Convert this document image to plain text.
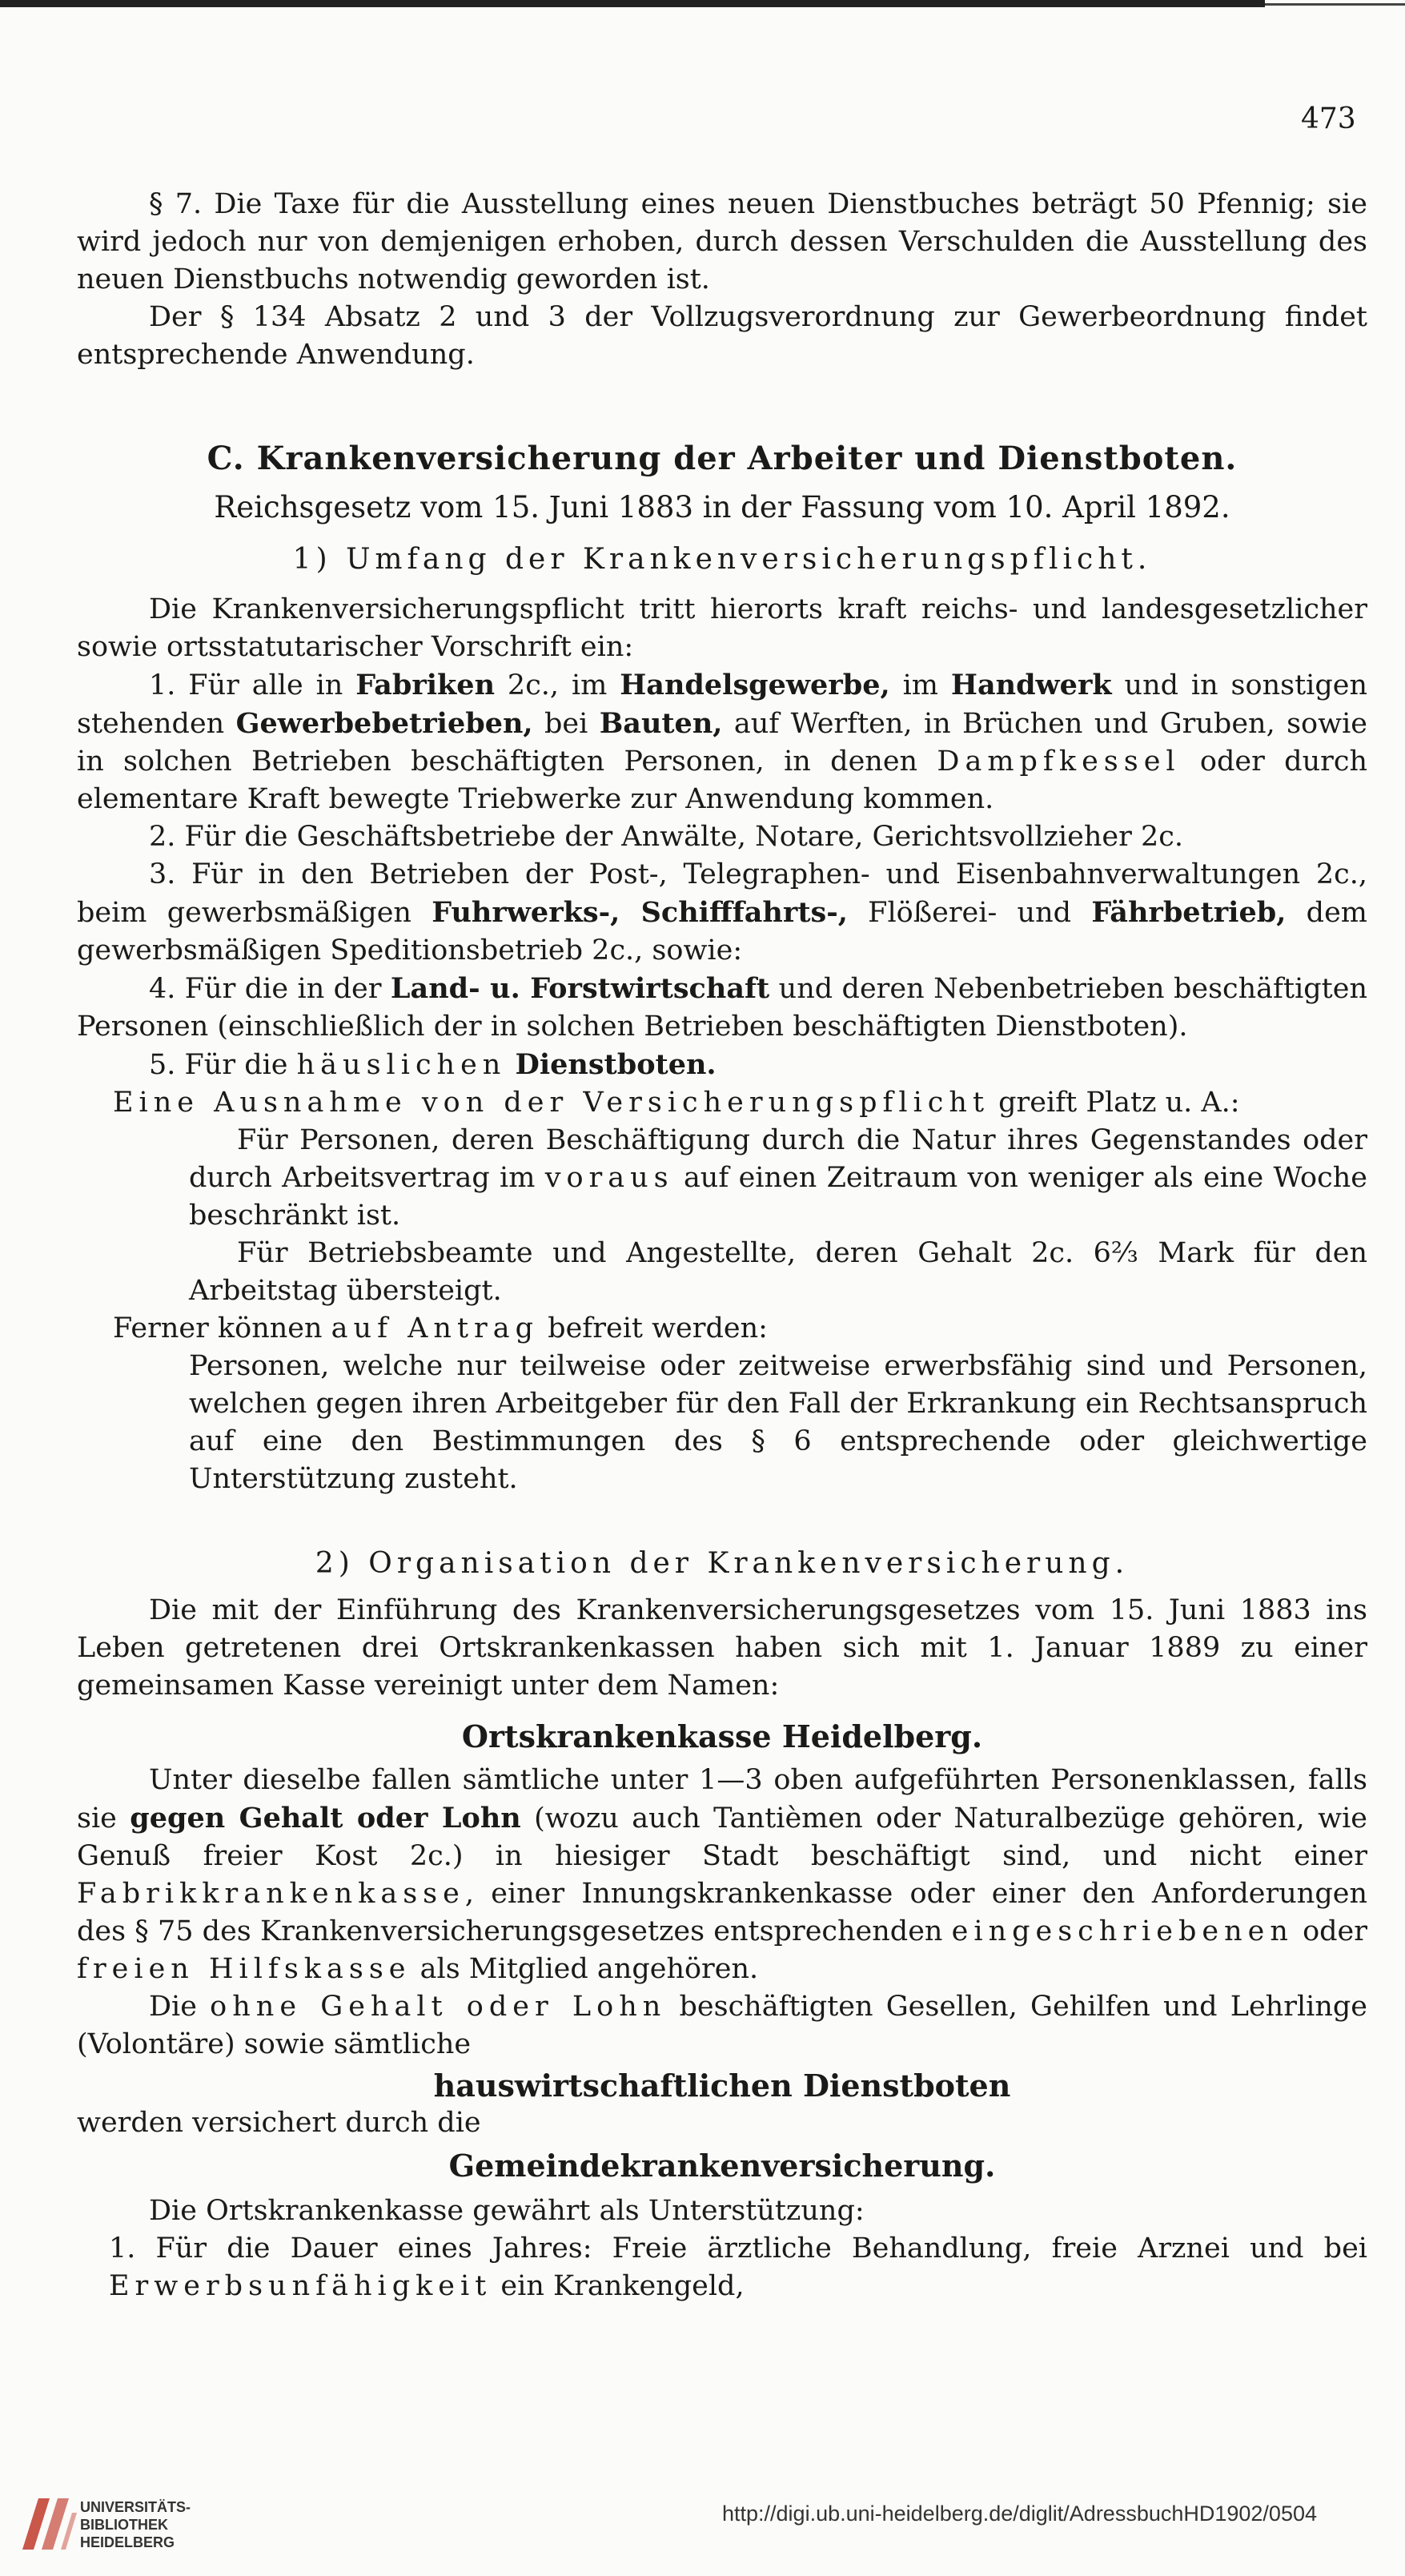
473

§ 7. Die Taxe für die Ausstellung eines neuen Dienstbuches beträgt 50 Pfennig; sie wird jedoch nur von demjenigen erhoben, durch dessen Verschulden die Ausstellung des neuen Dienstbuchs notwendig geworden ist.

Der § 134 Absatz 2 und 3 der Vollzugsverordnung zur Gewerbeordnung findet entsprechende Anwendung.

C. Krankenversicherung der Arbeiter und Dienstboten.
Reichsgesetz vom 15. Juni 1883 in der Fassung vom 10. April 1892.
1) Umfang der Krankenversicherungspflicht.

Die Krankenversicherungspflicht tritt hierorts kraft reichs- und landesgesetzlicher sowie ortsstatutarischer Vorschrift ein:

1. Für alle in Fabriken 2c., im Handelsgewerbe, im Handwerk und in sonstigen stehenden Gewerbebetrieben, bei Bauten, auf Werften, in Brüchen und Gruben, sowie in solchen Betrieben beschäftigten Personen, in denen Dampfkessel oder durch elementare Kraft bewegte Triebwerke zur Anwendung kommen.

2. Für die Geschäftsbetriebe der Anwälte, Notare, Gerichtsvollzieher 2c.

3. Für in den Betrieben der Post-, Telegraphen- und Eisenbahnverwaltungen 2c., beim gewerbsmäßigen Fuhrwerks-, Schifffahrts-, Flößerei- und Fährbetrieb, dem gewerbsmäßigen Speditionsbetrieb 2c., sowie:

4. Für die in der Land- u. Forstwirtschaft und deren Nebenbetrieben beschäftigten Personen (einschließlich der in solchen Betrieben beschäftigten Dienstboten).

5. Für die häuslichen Dienstboten.

Eine Ausnahme von der Versicherungspflicht greift Platz u. A.:

Für Personen, deren Beschäftigung durch die Natur ihres Gegenstandes oder durch Arbeitsvertrag im voraus auf einen Zeitraum von weniger als eine Woche beschränkt ist.

Für Betriebsbeamte und Angestellte, deren Gehalt 2c. 6⅔ Mark für den Arbeitstag übersteigt.

Ferner können auf Antrag befreit werden:

Personen, welche nur teilweise oder zeitweise erwerbsfähig sind und Personen, welchen gegen ihren Arbeitgeber für den Fall der Erkrankung ein Rechtsanspruch auf eine den Bestimmungen des § 6 entsprechende oder gleichwertige Unterstützung zusteht.

2) Organisation der Krankenversicherung.

Die mit der Einführung des Krankenversicherungsgesetzes vom 15. Juni 1883 ins Leben getretenen drei Ortskrankenkassen haben sich mit 1. Januar 1889 zu einer gemeinsamen Kasse vereinigt unter dem Namen:

Ortskrankenkasse Heidelberg.

Unter dieselbe fallen sämtliche unter 1—3 oben aufgeführten Personenklassen, falls sie gegen Gehalt oder Lohn (wozu auch Tantièmen oder Naturalbezüge gehören, wie Genuß freier Kost 2c.) in hiesiger Stadt beschäftigt sind, und nicht einer Fabrikkrankenkasse, einer Innungskrankenkasse oder einer den Anforderungen des § 75 des Krankenversicherungsgesetzes entsprechenden eingeschriebenen oder freien Hilfskasse als Mitglied angehören.

Die ohne Gehalt oder Lohn beschäftigten Gesellen, Gehilfen und Lehrlinge (Volontäre) sowie sämtliche

hauswirtschaftlichen Dienstboten

werden versichert durch die

Gemeindekrankenversicherung.

Die Ortskrankenkasse gewährt als Unterstützung:

1. Für die Dauer eines Jahres: Freie ärztliche Behandlung, freie Arznei und bei Erwerbsunfähigkeit ein Krankengeld,

UNIVERSITÄTS-
BIBLIOTHEK
HEIDELBERG
http://digi.ub.uni-heidelberg.de/diglit/AdressbuchHD1902/0504
